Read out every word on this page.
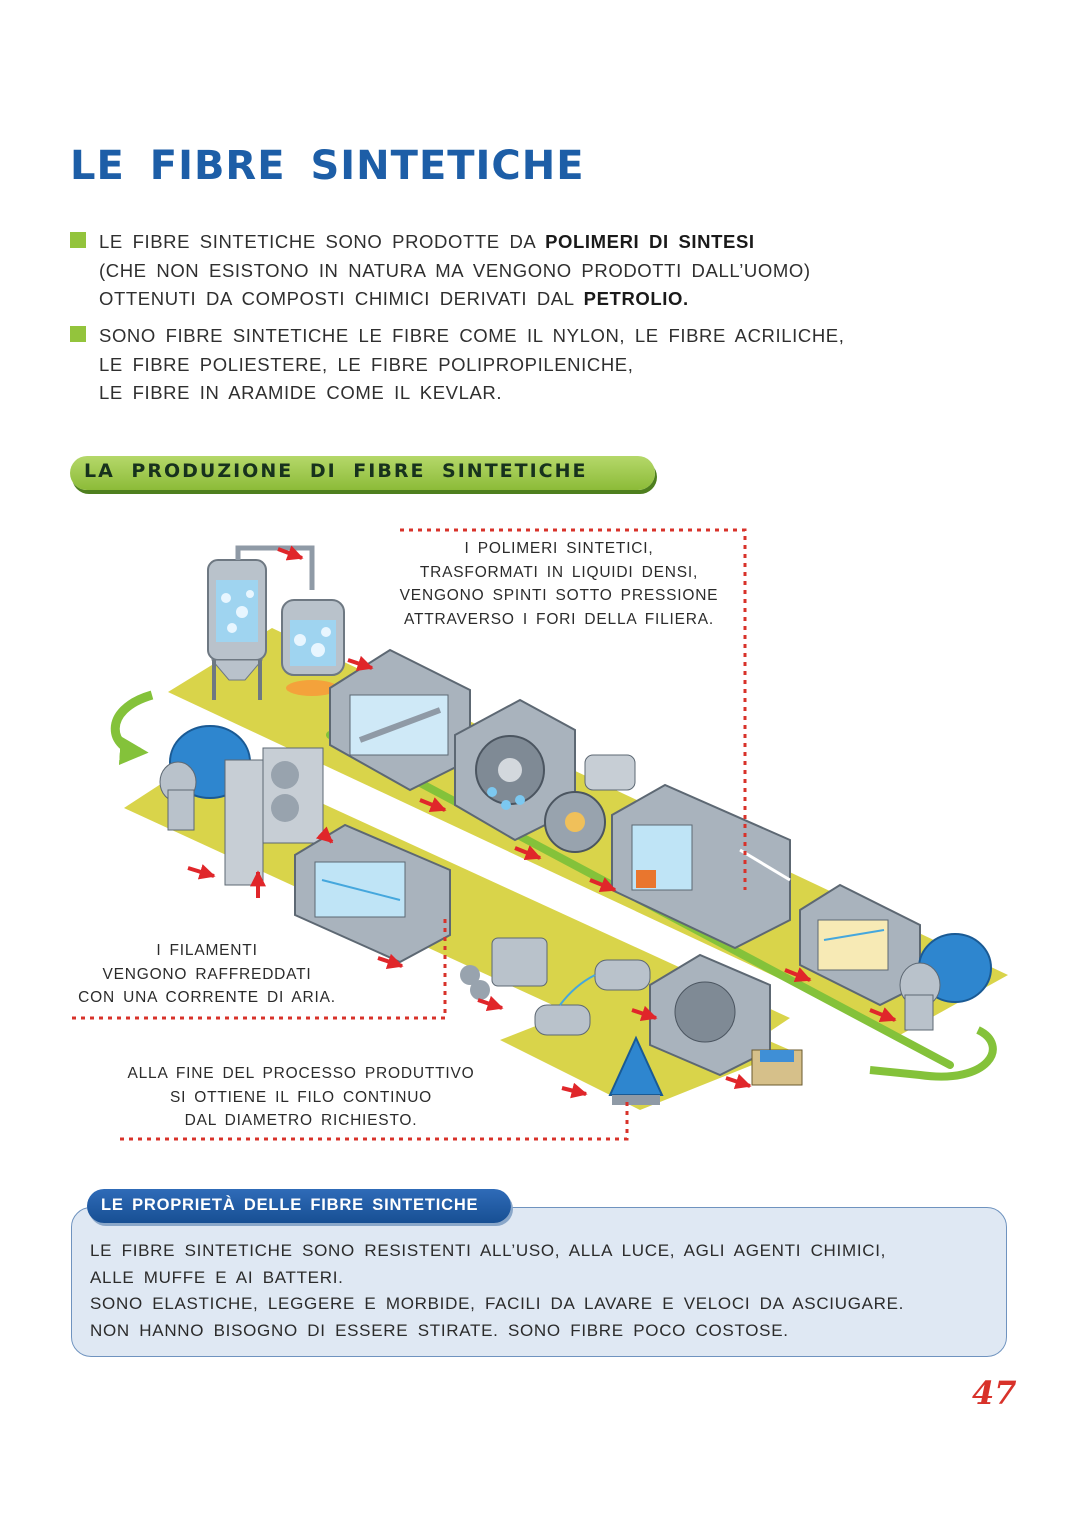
LE FIBRE SINTETICHE

LE FIBRE SINTETICHE SONO PRODOTTE DA POLIMERI DI SINTESI
(CHE NON ESISTONO IN NATURA MA VENGONO PRODOTTI DALL’UOMO)
OTTENUTI DA COMPOSTI CHIMICI DERIVATI DAL PETROLIO.

SONO FIBRE SINTETICHE LE FIBRE COME IL NYLON, LE FIBRE ACRILICHE,
LE FIBRE POLIESTERE, LE FIBRE POLIPROPILENICHE,
LE FIBRE IN ARAMIDE COME IL KEVLAR.

LA PRODUZIONE DI FIBRE SINTETICHE
I POLIMERI SINTETICI,
TRASFORMATI IN LIQUIDI DENSI,
VENGONO SPINTI SOTTO PRESSIONE
ATTRAVERSO I FORI DELLA FILIERA.
I FILAMENTI
VENGONO RAFFREDDATI
CON UNA CORRENTE DI ARIA.
ALLA FINE DEL PROCESSO PRODUTTIVO
SI OTTIENE IL FILO CONTINUO
DAL DIAMETRO RICHIESTO.
LE PROPRIETÀ DELLE FIBRE SINTETICHE

LE FIBRE SINTETICHE SONO RESISTENTI ALL’USO, ALLA LUCE, AGLI AGENTI CHIMICI,
ALLE MUFFE E AI BATTERI.
SONO ELASTICHE, LEGGERE E MORBIDE, FACILI DA LAVARE E VELOCI DA ASCIUGARE.
NON HANNO BISOGNO DI ESSERE STIRATE. SONO FIBRE POCO COSTOSE.

47
